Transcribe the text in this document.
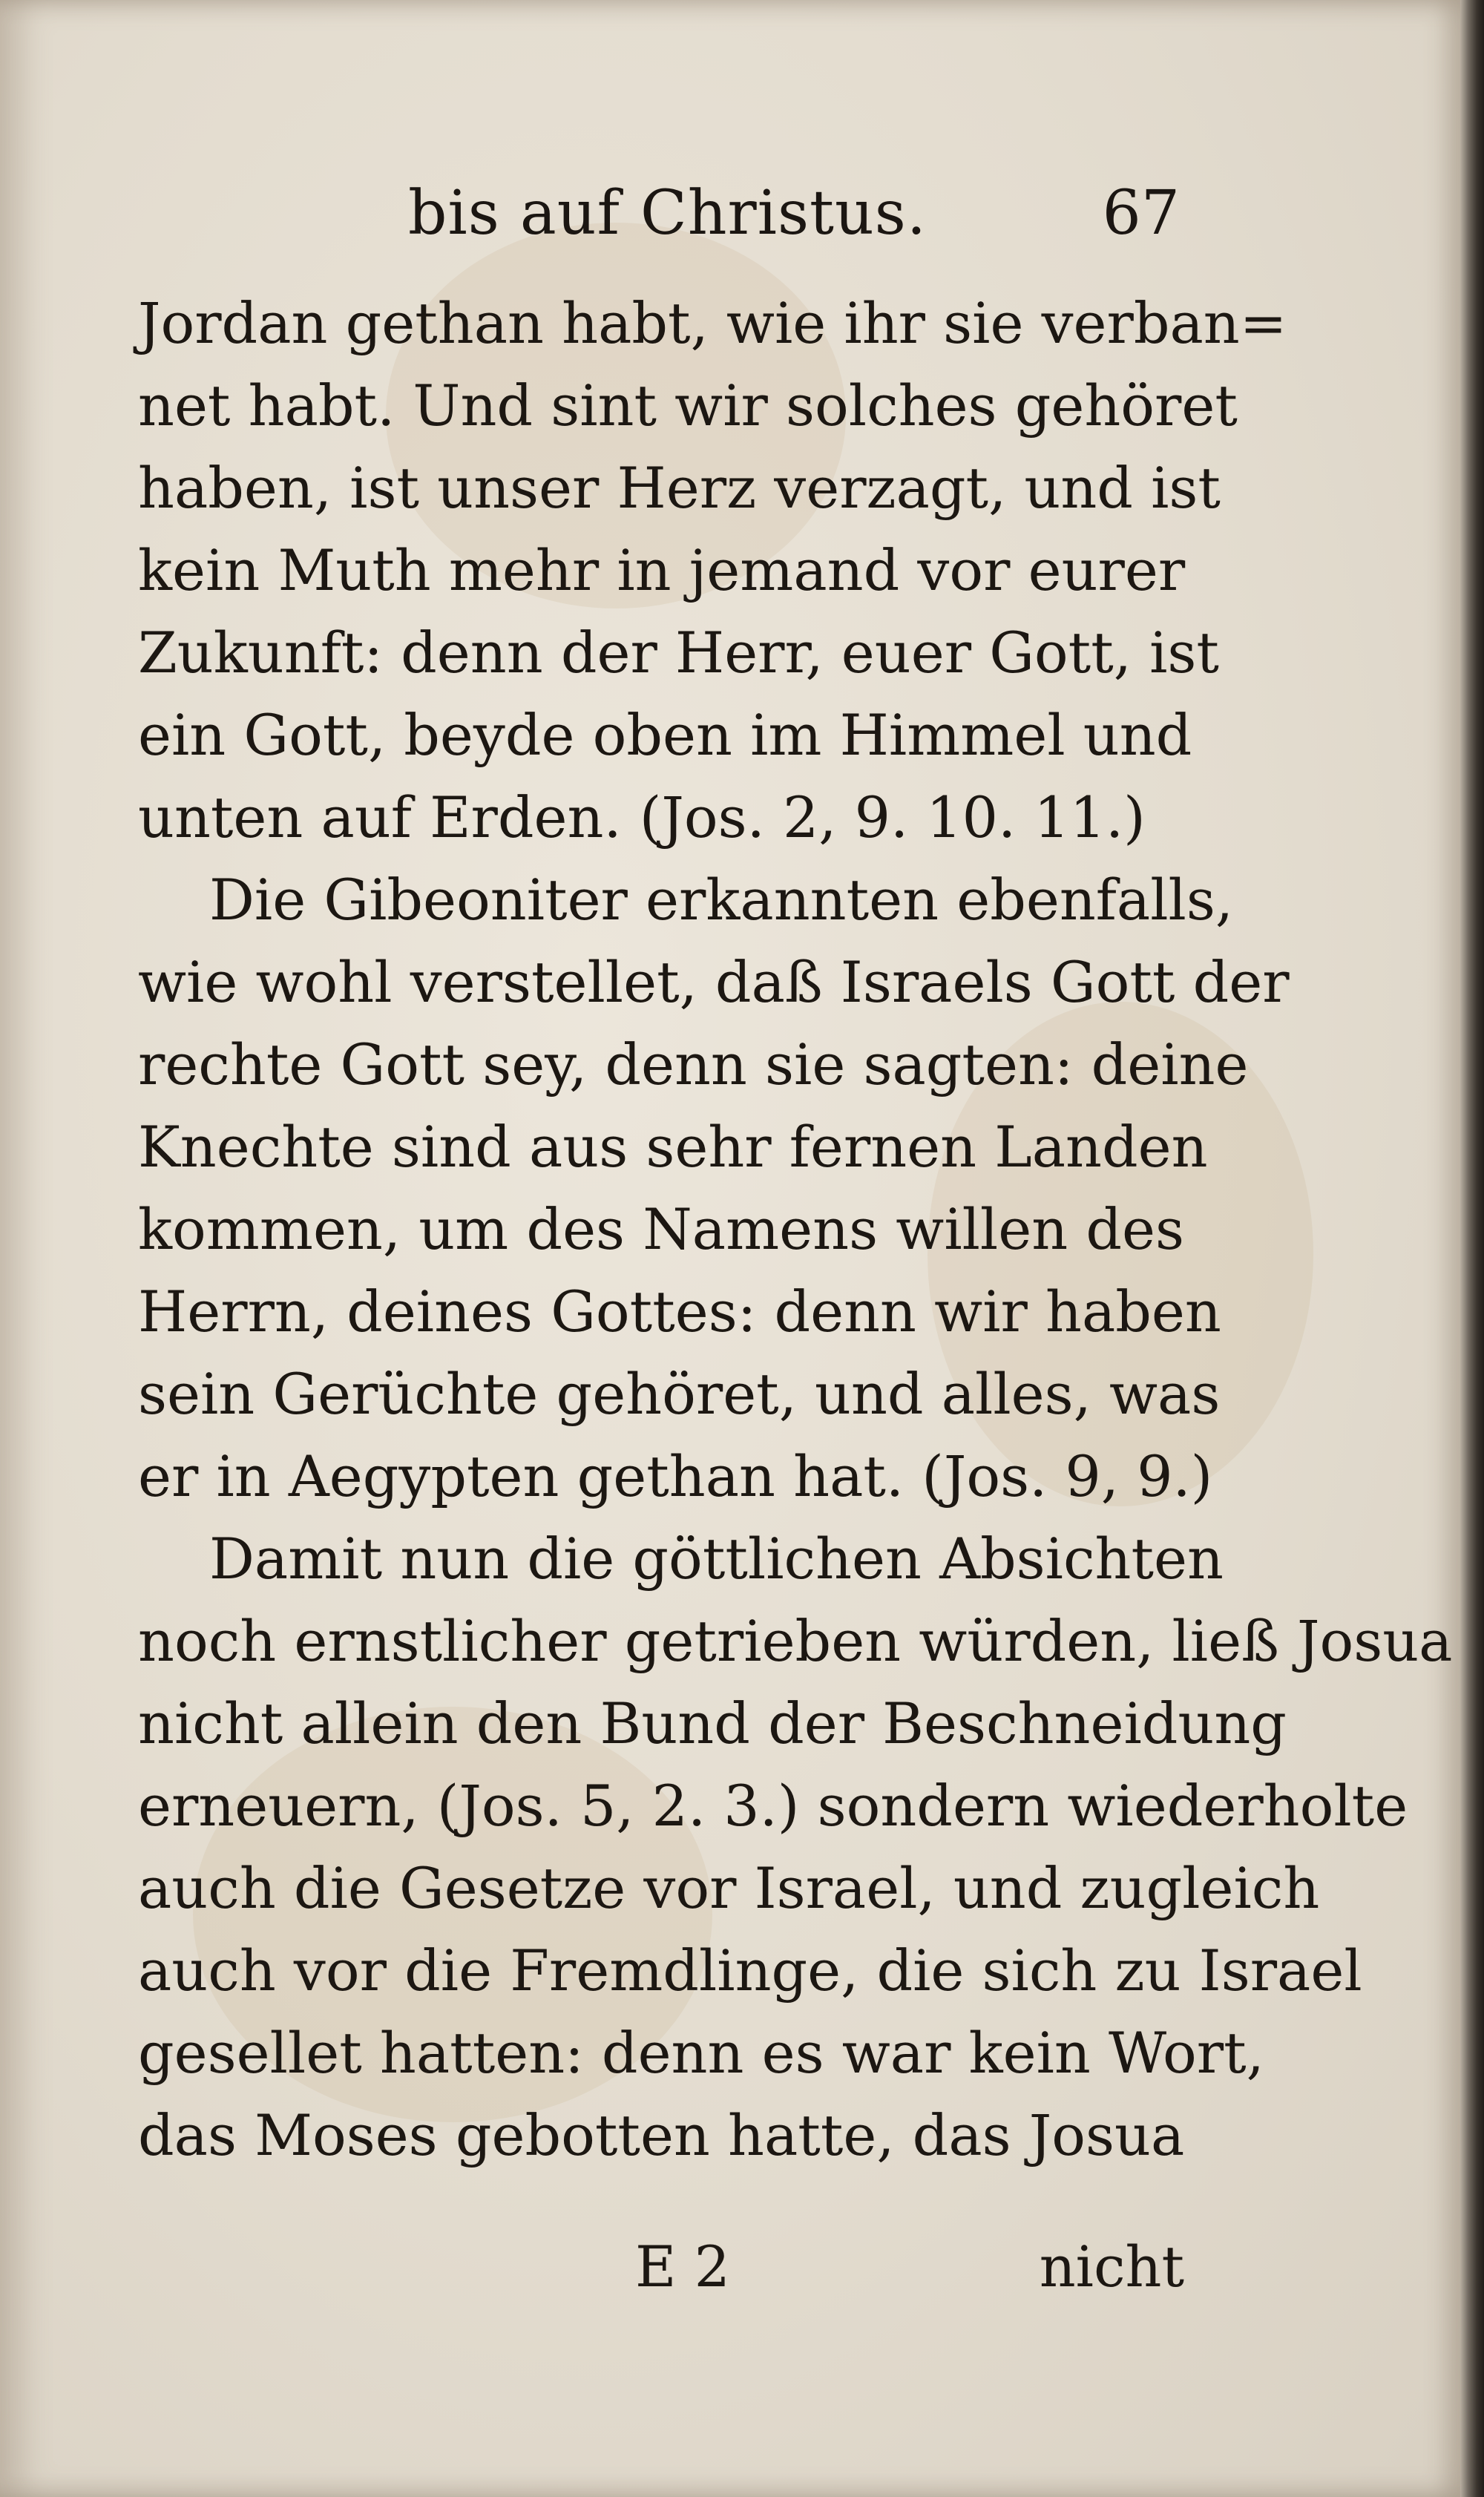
bis auf Christus.	67
Jordan gethan habt, wie ihr sie verban=
net habt. Und sint wir solches gehöret
haben, ist unser Herz verzagt, und ist
kein Muth mehr in jemand vor eurer
Zukunft: denn der Herr, euer Gott, ist
ein Gott, beyde oben im Himmel und
unten auf Erden. (Jos. 2, 9. 10. 11.)
Die Gibeoniter erkannten ebenfalls,
wie wohl verstellet, daß Israels Gott der
rechte Gott sey, denn sie sagten: deine
Knechte sind aus sehr fernen Landen
kommen, um des Namens willen des
Herrn, deines Gottes: denn wir haben
sein Gerüchte gehöret, und alles, was
er in Aegypten gethan hat. (Jos. 9, 9.)
Damit nun die göttlichen Absichten
noch ernstlicher getrieben würden, ließ Josua
nicht allein den Bund der Beschneidung
erneuern, (Jos. 5, 2. 3.) sondern wiederholte
auch die Gesetze vor Israel, und zugleich
auch vor die Fremdlinge, die sich zu Israel
gesellet hatten: denn es war kein Wort,
das Moses gebotten hatte, das Josua
E 2	nicht
